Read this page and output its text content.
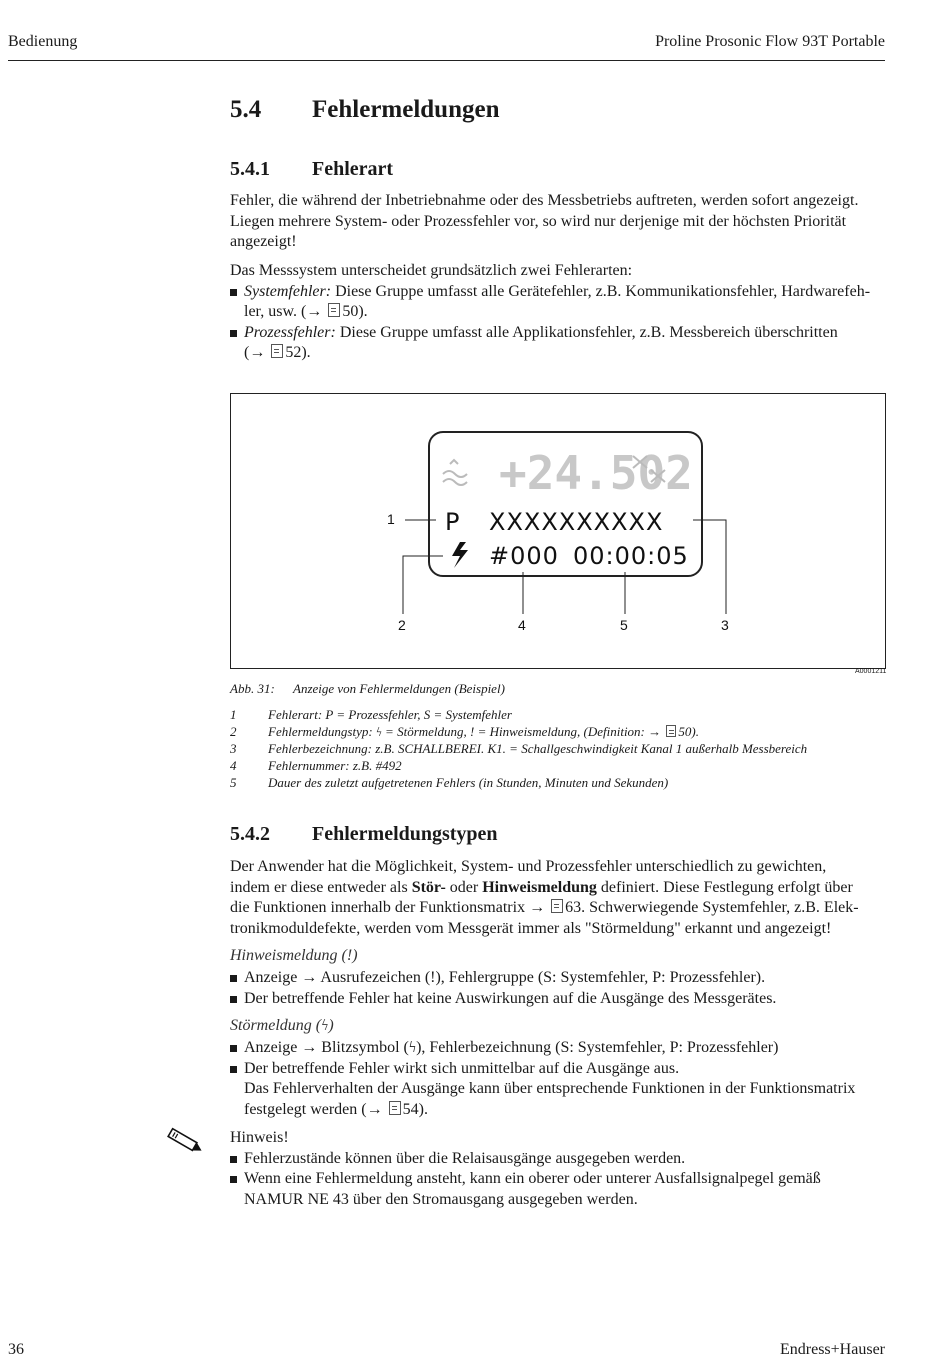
Bedienung	Proline Prosonic Flow 93T Portable
5.4 Fehlermeldungen
5.4.1 Fehlerart
Fehler, die während der Inbetriebnahme oder des Messbetriebs auftreten, werden sofort angezeigt.
Liegen mehrere System- oder Prozessfehler vor, so wird nur derjenige mit der höchsten Priorität
angezeigt!
Das Messsystem unterscheidet grundsätzlich zwei Fehlerarten:
Systemfehler: Diese Gruppe umfasst alle Gerätefehler, z.B. Kommunikationsfehler, Hardwarefeh-
ler, usw. (→ 50).
Prozessfehler: Diese Gruppe umfasst alle Applikationsfehler, z.B. Messbereich überschritten
(→ 52).
+24.502
P XXXXXXXXXX
#000 00:00:05
1
2	4	5	3
A0001211
Abb. 31: Anzeige von Fehlermeldungen (Beispiel)
1 Fehlerart: P = Prozessfehler, S = Systemfehler
2 Fehlermeldungstyp: ϟ = Störmeldung, ! = Hinweismeldung, (Definition: → 50).
3 Fehlerbezeichnung: z.B. SCHALLBEREI. K1. = Schallgeschwindigkeit Kanal 1 außerhalb Messbereich
4 Fehlernummer: z.B. #492
5 Dauer des zuletzt aufgetretenen Fehlers (in Stunden, Minuten und Sekunden)
5.4.2 Fehlermeldungstypen
Der Anwender hat die Möglichkeit, System- und Prozessfehler unterschiedlich zu gewichten,
indem er diese entweder als Stör- oder Hinweismeldung definiert. Diese Festlegung erfolgt über
die Funktionen innerhalb der Funktionsmatrix → 63. Schwerwiegende Systemfehler, z.B. Elek-
tronikmoduldefekte, werden vom Messgerät immer als "Störmeldung" erkannt und angezeigt!
Hinweismeldung (!)
Anzeige → Ausrufezeichen (!), Fehlergruppe (S: Systemfehler, P: Prozessfehler).
Der betreffende Fehler hat keine Auswirkungen auf die Ausgänge des Messgerätes.
Störmeldung (ϟ)
Anzeige → Blitzsymbol (ϟ), Fehlerbezeichnung (S: Systemfehler, P: Prozessfehler)
Der betreffende Fehler wirkt sich unmittelbar auf die Ausgänge aus.
Das Fehlerverhalten der Ausgänge kann über entsprechende Funktionen in der Funktionsmatrix
festgelegt werden (→ 54).
Hinweis!
Fehlerzustände können über die Relaisausgänge ausgegeben werden.
Wenn eine Fehlermeldung ansteht, kann ein oberer oder unterer Ausfallsignalpegel gemäß
NAMUR NE 43 über den Stromausgang ausgegeben werden.
36	Endress+Hauser
